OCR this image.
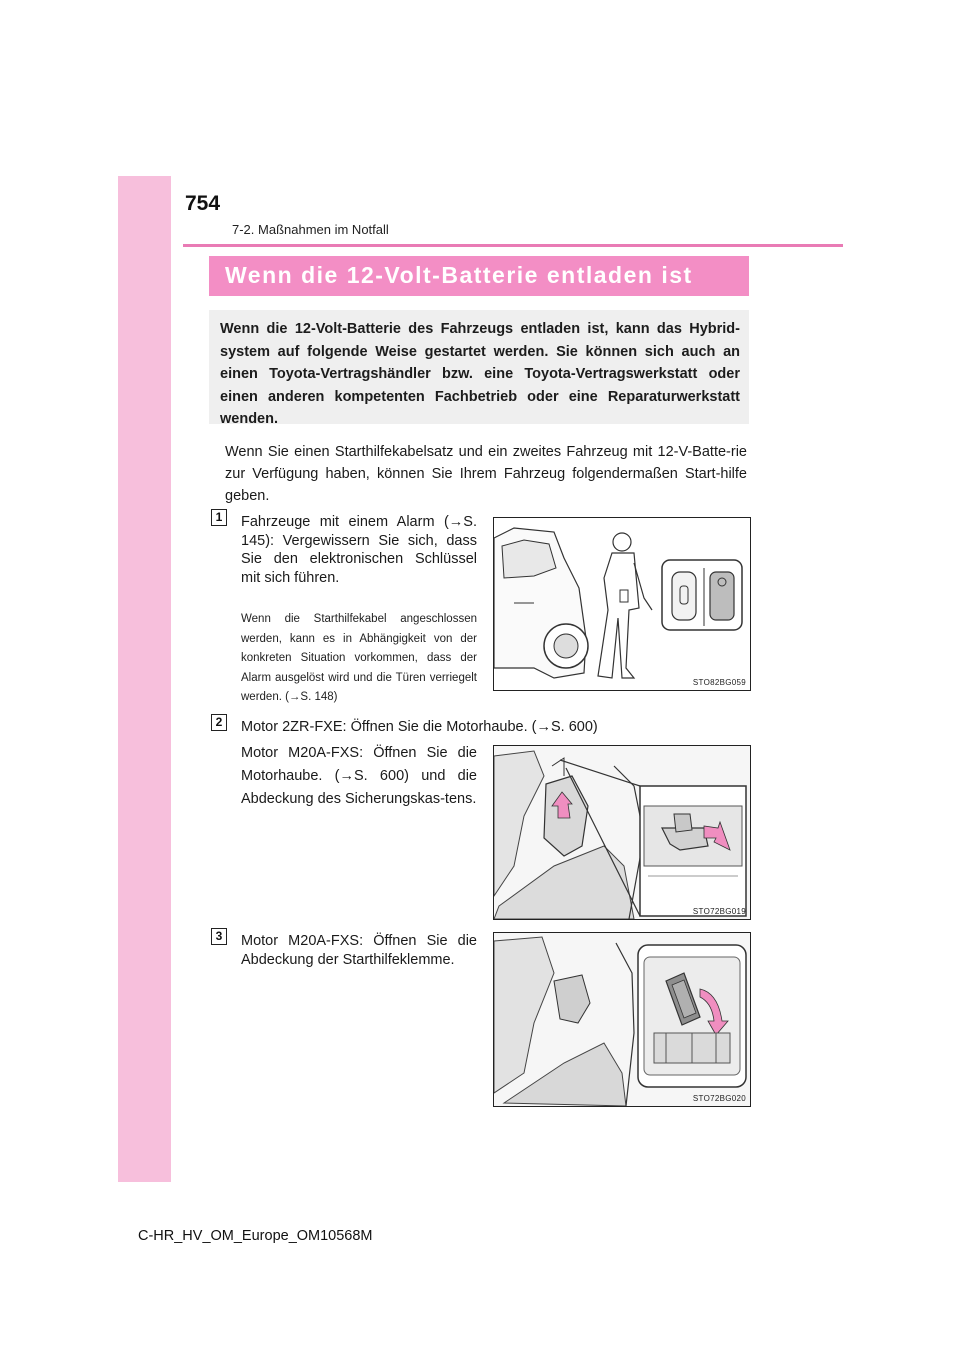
754
7-2. Maßnahmen im Notfall
Wenn die 12-Volt-Batterie entladen ist

Wenn die 12-Volt-Batterie des Fahrzeugs entladen ist, kann das Hybrid-system auf folgende Weise gestartet werden. Sie können sich auch an einen Toyota-Vertragshändler bzw. eine Toyota-Vertragswerkstatt oder einen anderen kompetenten Fachbetrieb oder eine Reparaturwerkstatt wenden.

Wenn Sie einen Starthilfekabelsatz und ein zweites Fahrzeug mit 12-V-Batte-rie zur Verfügung haben, können Sie Ihrem Fahrzeug folgendermaßen Start-hilfe geben.

1	Fahrzeuge mit einem Alarm (→S. 145): Vergewissern Sie sich, dass Sie den elektronischen Schlüssel mit sich führen.

Wenn die Starthilfekabel angeschlossen werden, kann es in Abhängigkeit von der konkreten Situation vorkommen, dass der Alarm ausgelöst wird und die Türen verriegelt werden. (→S. 148)

STO82BG059
2	Motor 2ZR-FXE: Öffnen Sie die Motorhaube. (→S. 600)

Motor M20A-FXS: Öffnen Sie die Motorhaube. (→S. 600) und die Abdeckung des Sicherungskas-tens.

STO72BG019
3	Motor M20A-FXS: Öffnen Sie die Abdeckung der Starthilfeklemme.

STO72BG020
C-HR_HV_OM_Europe_OM10568M
